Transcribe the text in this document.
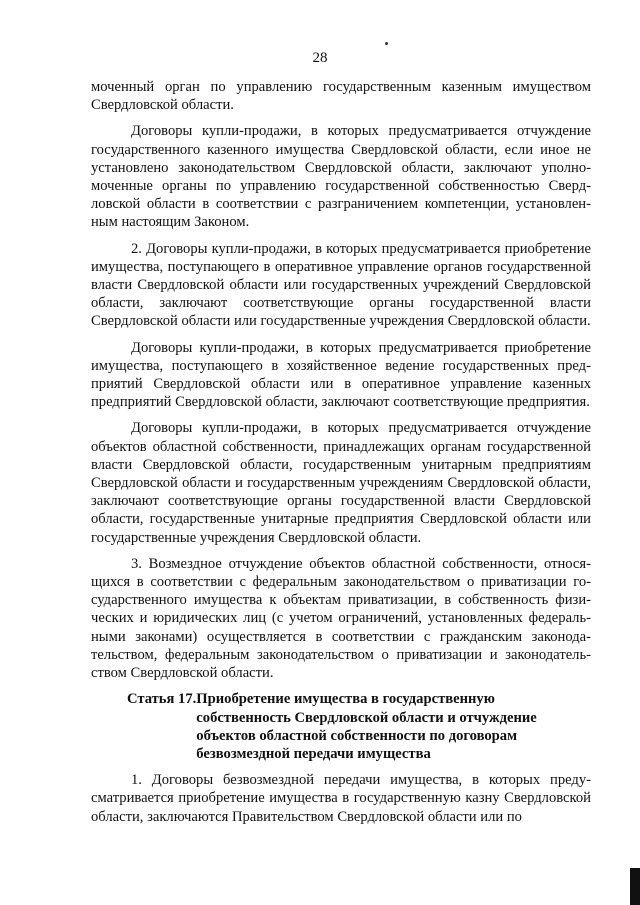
28

моченный орган по управлению государственным казенным имуществом Свердловской области.

Договоры купли-продажи, в которых предусматривается отчуждение государственного казенного имущества Свердловской области, если иное не установлено законодательством Свердловской области, заключают уполномоченные органы по управлению государственной собственностью Свердловской области в соответствии с разграничением компетенции, установленным настоящим Законом.

2. Договоры купли-продажи, в которых предусматривается приобретение имущества, поступающего в оперативное управление органов государственной власти Свердловской области или государственных учреждений Свердловской области, заключают соответствующие органы государственной власти Свердловской области или государственные учреждения Свердловской области.

Договоры купли-продажи, в которых предусматривается приобретение имущества, поступающего в хозяйственное ведение государственных предприятий Свердловской области или в оперативное управление казенных предприятий Свердловской области, заключают соответствующие предприятия.

Договоры купли-продажи, в которых предусматривается отчуждение объектов областной собственности, принадлежащих органам государственной власти Свердловской области, государственным унитарным предприятиям Свердловской области и государственным учреждениям Свердловской области, заключают соответствующие органы государственной власти Свердловской области, государственные унитарные предприятия Свердловской области или государственные учреждения Свердловской области.

3. Возмездное отчуждение объектов областной собственности, относящихся в соответствии с федеральным законодательством о приватизации государственного имущества к объектам приватизации, в собственность физических и юридических лиц (с учетом ограничений, установленных федеральными законами) осуществляется в соответствии с гражданским законодательством, федеральным законодательством о приватизации и законодательством Свердловской области.

Статья 17. Приобретение имущества в государственную собственность Свердловской области и отчуждение объектов областной собственности по договорам безвозмездной передачи имущества

1. Договоры безвозмездной передачи имущества, в которых предусматривается приобретение имущества в государственную казну Свердловской области, заключаются Правительством Свердловской области или по
